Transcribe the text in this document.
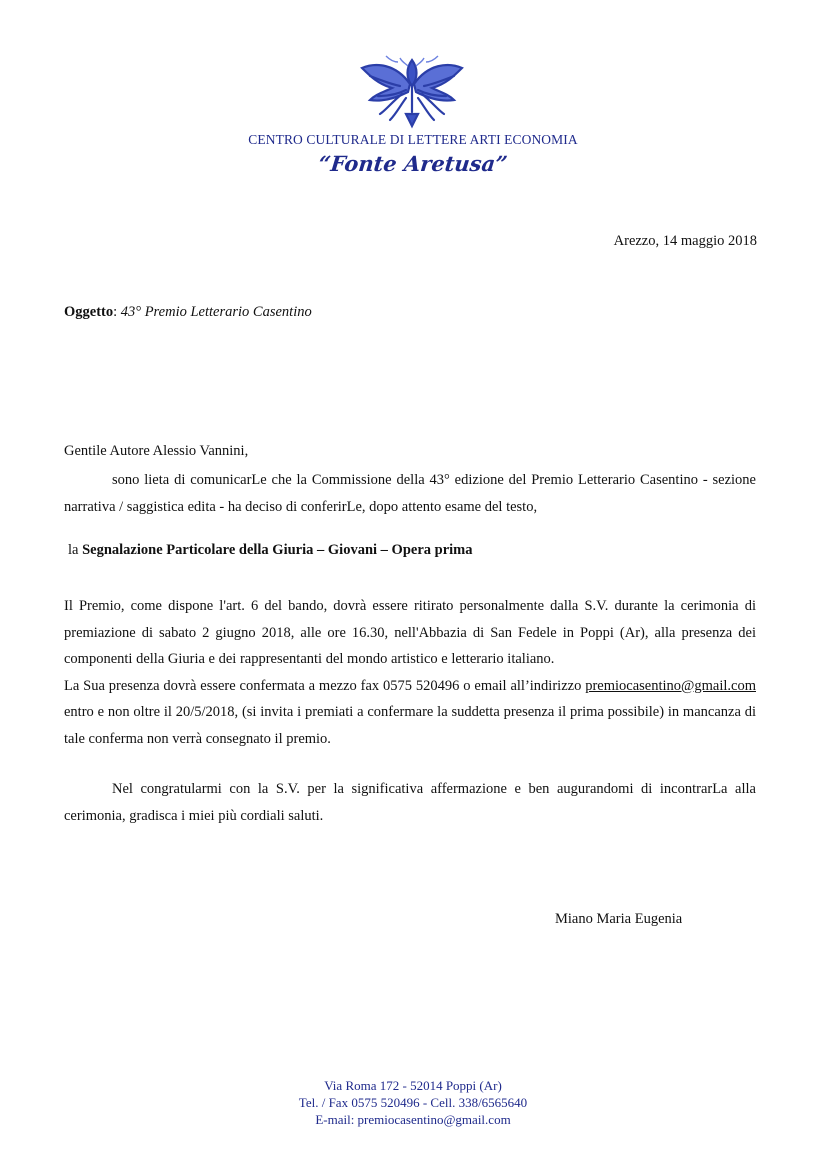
CENTRO CULTURALE DI LETTERE ARTI ECONOMIA
“Fonte Aretusa”
Arezzo, 14 maggio 2018
Oggetto: 43° Premio Letterario Casentino
Gentile Autore Alessio Vannini,
sono lieta di comunicarLe che la Commissione della 43° edizione del Premio Letterario Casentino - sezione narrativa / saggistica edita - ha deciso di conferirLe, dopo attento esame del testo,
la Segnalazione Particolare della Giuria – Giovani – Opera prima
Il Premio, come dispone l'art. 6 del bando, dovrà essere ritirato personalmente dalla S.V. durante la cerimonia di premiazione di sabato 2 giugno 2018, alle ore 16.30, nell'Abbazia di San Fedele in Poppi (Ar), alla presenza dei componenti della Giuria e dei rappresentanti del mondo artistico e letterario italiano.
La Sua presenza dovrà essere confermata a mezzo fax 0575 520496 o email all’indirizzo premiocasentino@gmail.com entro e non oltre il 20/5/2018, (si invita i premiati a confermare la suddetta presenza il prima possibile) in mancanza di tale conferma non verrà consegnato il premio.
Nel congratularmi con la S.V. per la significativa affermazione e ben augurandomi di incontrarLa alla cerimonia, gradisca i miei più cordiali saluti.
Miano Maria Eugenia
Via Roma 172 - 52014 Poppi (Ar)
Tel. / Fax 0575 520496 - Cell. 338/6565640
E-mail: premiocasentino@gmail.com
